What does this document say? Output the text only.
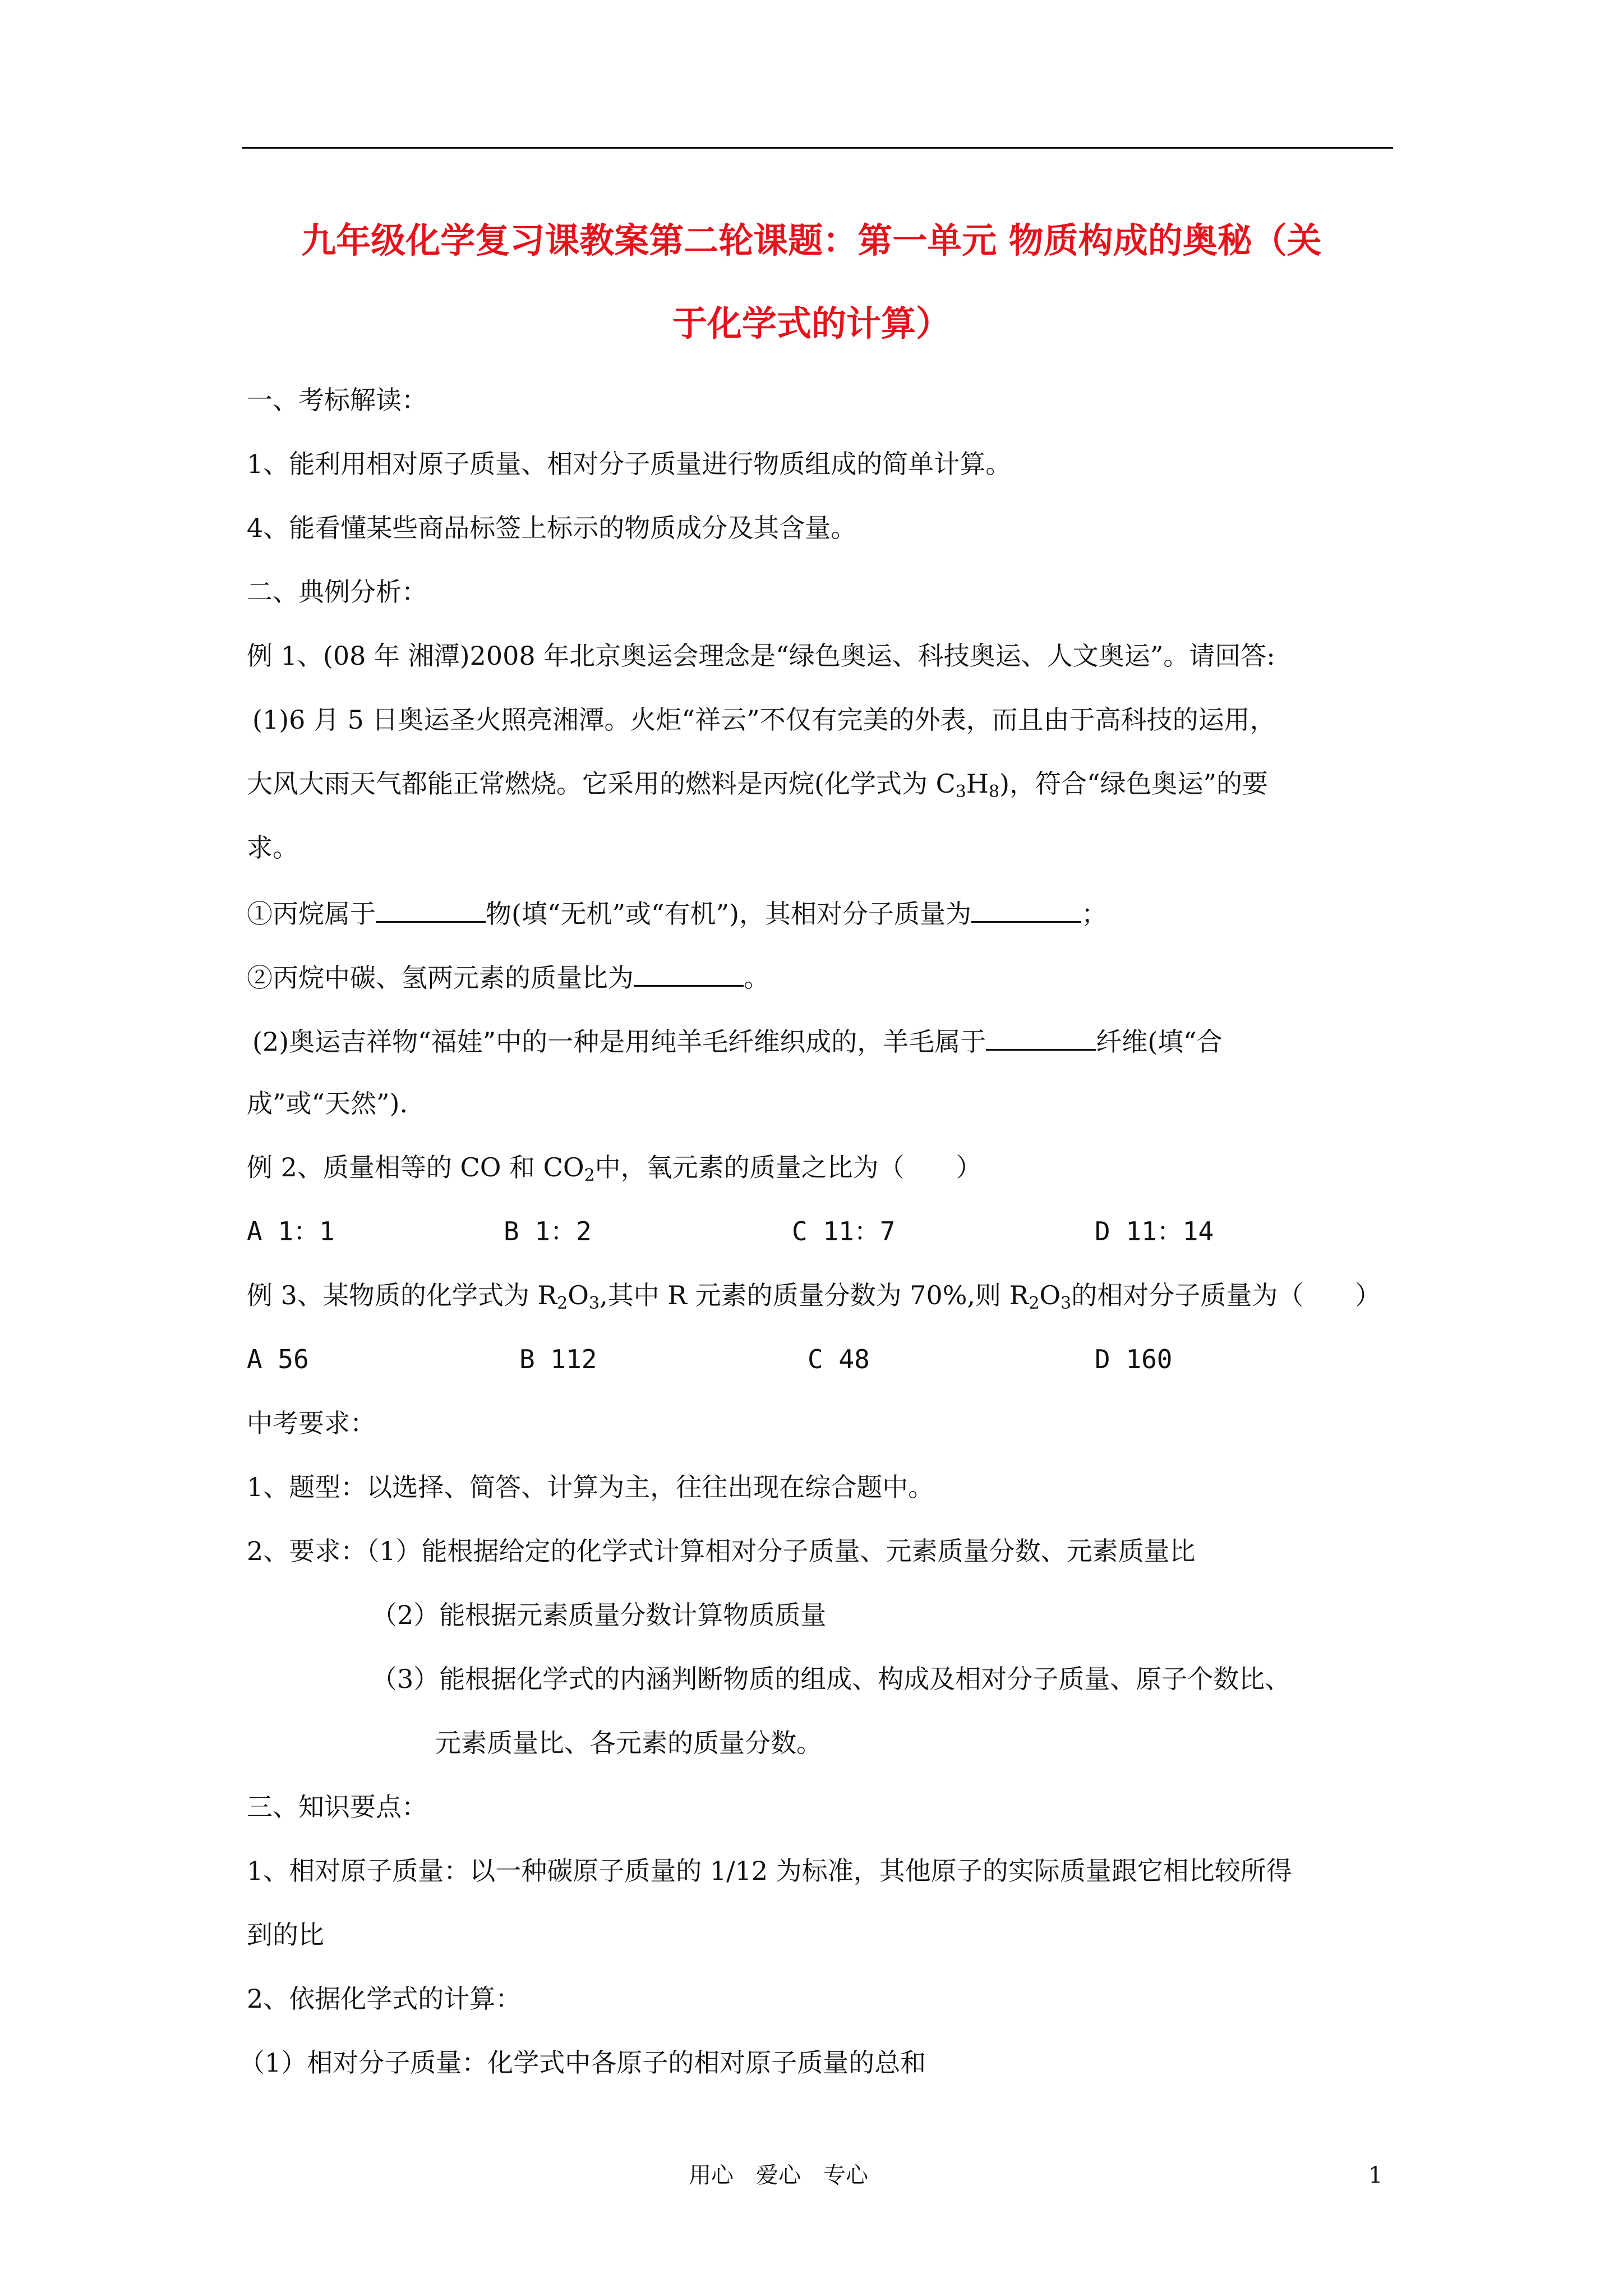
九年级化学复习课教案第二轮课题：第一单元 物质构成的奥秘（关
于化学式的计算）
一、考标解读：
1、能利用相对原子质量、相对分子质量进行物质组成的简单计算。
4、能看懂某些商品标签上标示的物质成分及其含量。
二、典例分析：
例 1、(08 年 湘潭)2008 年北京奥运会理念是“绿色奥运、科技奥运、人文奥运”。请回答:
(1)6 月 5 日奥运圣火照亮湘潭。火炬“祥云”不仅有完美的外表，而且由于高科技的运用，
大风大雨天气都能正常燃烧。它采用的燃料是丙烷(化学式为 $C_3H_8$)，符合“绿色奥运”的要
求。
①丙烷属于	物(填“无机”或“有机”)，其相对分子质量为	；
②丙烷中碳、氢两元素的质量比为	。
(2)奥运吉祥物“福娃”中的一种是用纯羊毛纤维织成的，羊毛属于	纤维(填“合
成”或“天然”).
例 2、质量相等的 CO 和 $CO_2$中，氧元素的质量之比为（　　）
A 1：1	B 1：2	C 11：7	D 11：14
例 3、某物质的化学式为 $R_2O_3$,其中 R 元素的质量分数为 70%,则 $R_2O_3$的相对分子质量为（　　）
A 56	B 112	C 48	D 160
中考要求：
1、题型：以选择、简答、计算为主，往往出现在综合题中。
2、要求：（1）能根据给定的化学式计算相对分子质量、元素质量分数、元素质量比
（2）能根据元素质量分数计算物质质量
（3）能根据化学式的内涵判断物质的组成、构成及相对分子质量、原子个数比、
元素质量比、各元素的质量分数。
三、知识要点：
1、相对原子质量：以一种碳原子质量的 1/12 为标准，其他原子的实际质量跟它相比较所得
到的比
2、依据化学式的计算：
（1）相对分子质量：化学式中各原子的相对原子质量的总和
用心　爱心　专心	1
